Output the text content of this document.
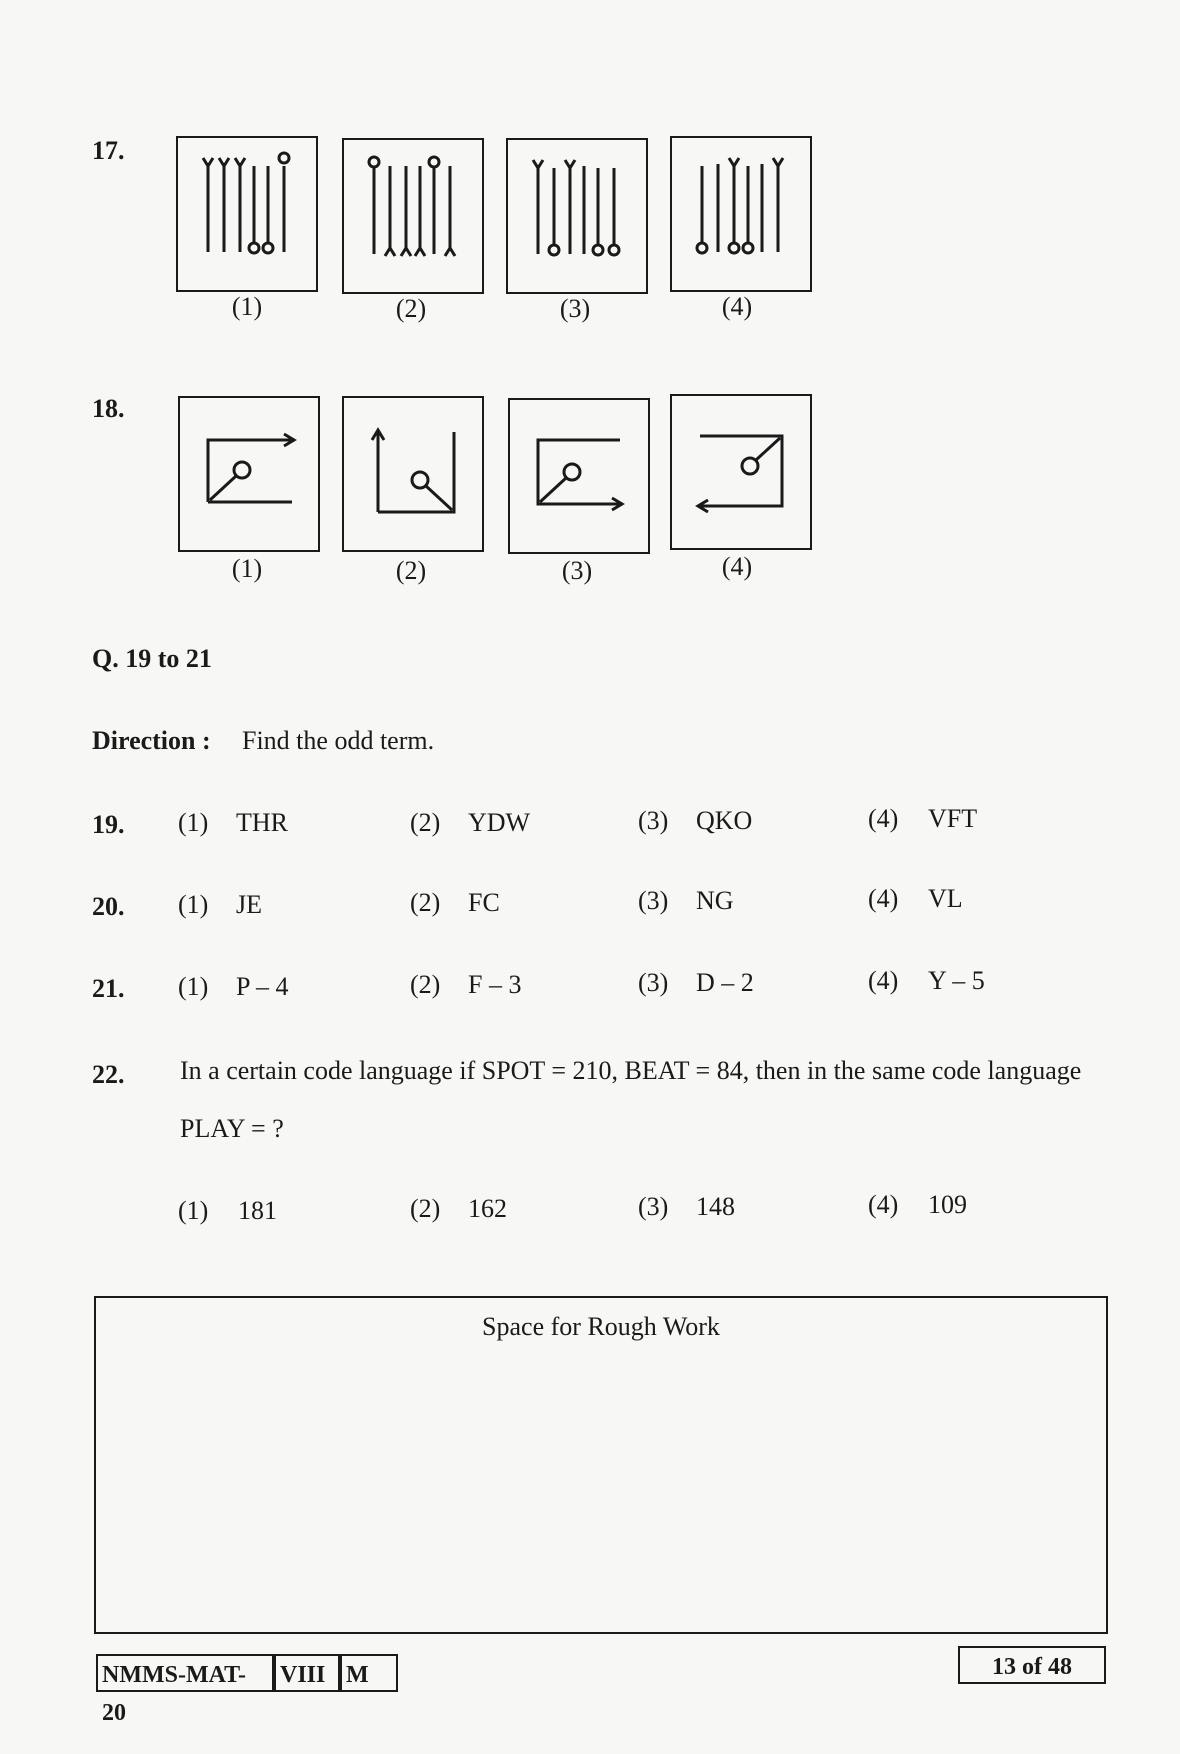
17.
(1)	(2)	(3)	(4)
18.
(1)	(2)	(3)	(4)
Q. 19 to 21
Direction : Find the odd term.
19. (1) THR	(2) YDW	(3) QKO	(4) VFT
20. (1) JE	(2) FC	(3) NG	(4) VL
21. (1) P – 4	(2) F – 3	(3) D – 2	(4) Y – 5
22. In a certain code language if SPOT = 210, BEAT = 84, then in the same code language
PLAY = ?
(1) 181	(2) 162	(3) 148	(4) 109
Space for Rough Work
NMMS-MAT-20
VIII M	13 of 48
